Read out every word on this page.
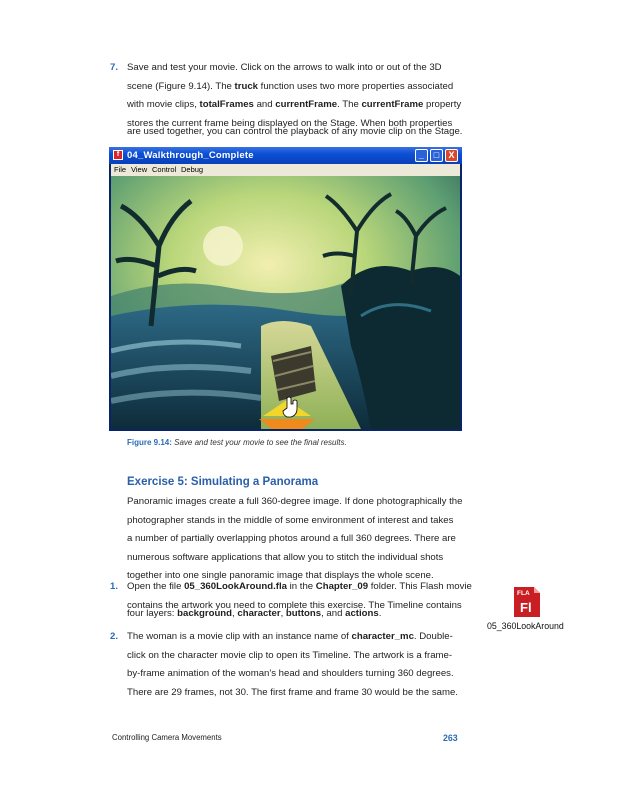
7. Save and test your movie. Click on the arrows to walk into or out of the 3D
scene (Figure 9.14). The truck function uses two more properties associated
with movie clips, totalFrames and currentFrame. The currentFrame property
stores the current frame being displayed on the Stage. When both properties
are used together, you can control the playback of any movie clip on the Stage.
f 04_Walkthrough_Complete	_	□	X
File View Control Debug
Figure 9.14: Save and test your movie to see the final results.
Exercise 5: Simulating a Panorama
Panoramic images create a full 360-degree image. If done photographically the
photographer stands in the middle of some environment of interest and takes
a number of partially overlapping photos around a full 360 degrees. There are
numerous software applications that allow you to stitch the individual shots
together into one single panoramic image that displays the whole scene.
1. Open the file 05_360LookAround.fla in the Chapter_09 folder. This Flash movie
contains the artwork you need to complete this exercise. The Timeline contains
four layers: background, character, buttons, and actions.
FLA
Fl
05_360LookAround
2. The woman is a movie clip with an instance name of character_mc. Double-
click on the character movie clip to open its Timeline. The artwork is a frame-
by-frame animation of the woman's head and shoulders turning 360 degrees.
There are 29 frames, not 30. The first frame and frame 30 would be the same.
Controlling Camera Movements	263
